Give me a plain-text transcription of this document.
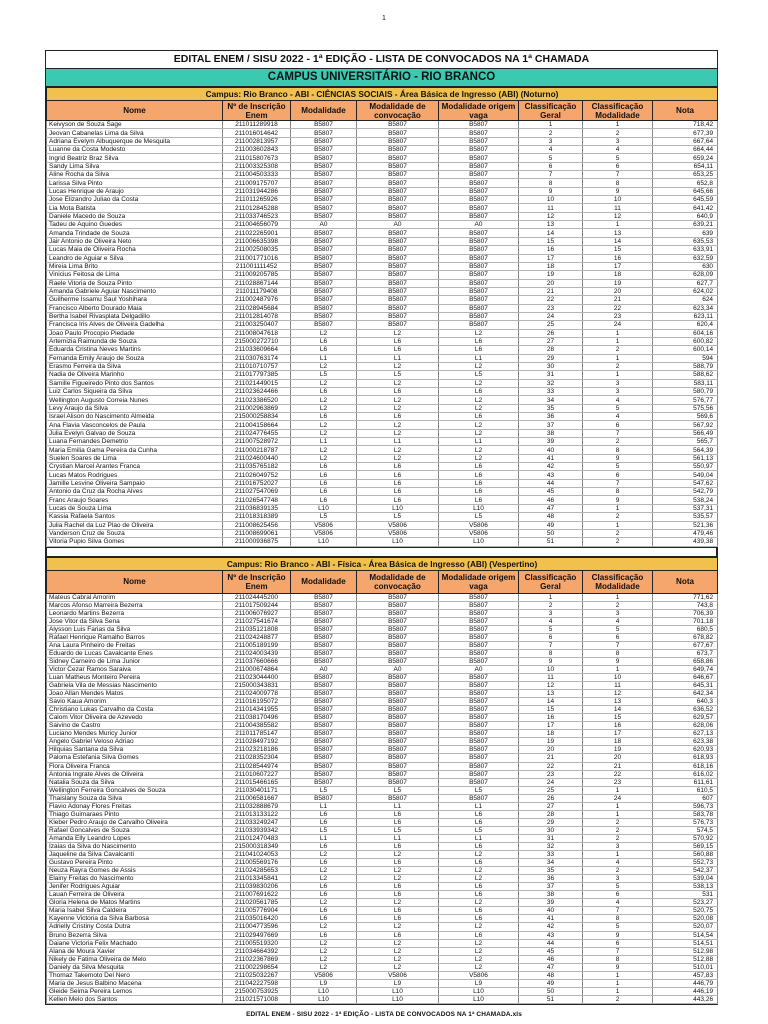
1
EDITAL ENEM / SISU 2022 - 1ª EDIÇÃO - LISTA DE CONVOCADOS NA 1ª CHAMADA
CAMPUS UNIVERSITÁRIO - RIO BRANCO
Campus: Rio Branco - ABI - CIÊNCIAS SOCIAIS - Área Básica de Ingresso (ABI) (Noturno)							
Nome	Nº de Inscrição Enem	Modalidade	Modalidade de convocação	Modalidade origem vaga	Classificação Geral	Classificação Modalidade	Nota
Keivyson de Souza Sage	211011289918	B5807	B5807	B5807	1	1	718,42
Jeovan Cabanelas Lima da Silva	211016014642	B5807	B5807	B5807	2	2	677,39
Adriana Evelym Albuquerque de Mesquita	211002813957	B5807	B5807	B5807	3	3	667,64
Luanne da Costa Modesto	211003602843	B5807	B5807	B5807	4	4	664,44
Ingrid Beatriz Braz Silva	211015807673	B5807	B5807	B5807	5	5	659,24
Sandy Lima Silva	211003325308	B5807	B5807	B5807	6	6	654,11
Aline Rocha da Silva	211004503333	B5807	B5807	B5807	7	7	653,25
Larissa Silva Pinto	211009175707	B5807	B5807	B5807	8	8	652,8
Lucas Henrique de Araujo	211031944286	B5807	B5807	B5807	9	9	645,66
Jose Elizandro Juliao da Costa	211011265926	B5807	B5807	B5807	10	10	645,59
Lia Mota Batista	211012845288	B5807	B5807	B5807	11	11	641,42
Daniele Macedo de Souza	211033746523	B5807	B5807	B5807	12	12	640,9
Tadeu de Aquino Guedes	211004656079	A0	A0	A0	13	1	639,21
Amanda Trindade de Souza	211022265901	B5807	B5807	B5807	14	13	639
Jair Antonio de Oliveira Neto	211006635398	B5807	B5807	B5807	15	14	635,53
Lucas Maia de Oliveira Rocha	211002508035	B5807	B5807	B5807	16	15	633,91
Leandro de Aguiar e Silva	211001771016	B5807	B5807	B5807	17	16	632,59
Mireia Lima Brito	211001111452	B5807	B5807	B5807	18	17	630
Vinicius Feitosa de Lima	211009205785	B5807	B5807	B5807	19	18	628,09
Raele Vitoria de Souza Pinto	211028867144	B5807	B5807	B5807	20	19	627,7
Amanda Gabriele Aguiar Nascimento	211011179408	B5807	B5807	B5807	21	20	624,02
Guilherme Issamu Saul Yoshihara	211002487976	B5807	B5807	B5807	22	21	624
Francisco Alberto Dourado Maia	211028945684	B5807	B5807	B5807	23	22	623,34
Bertha Isabel Rivasplata Delgadillo	211012814078	B5807	B5807	B5807	24	23	623,11
Francisca Iris Alves de Oliveira Gadelha	211003250407	B5807	B5807	B5807	25	24	620,4
Joao Paulo Procopio Piedade	211008047618	L2	L2	L2	26	1	604,16
Artemizia Raimunda de Souza	215000272710	L6	L6	L6	27	1	600,82
Eduarda Cristina Neves Martins	211033609664	L6	L6	L6	28	2	600,14
Fernanda Emily Araujo de Souza	211030763174	L1	L1	L1	29	1	594
Erasmo Ferreira da Silva	211010710757	L2	L2	L2	30	2	588,79
Nadia de Oliveira Marinho	211017797385	L5	L5	L5	31	1	588,62
Samille Figueiredo Pinto dos Santos	211021449015	L2	L2	L2	32	3	583,11
Luiz Carlos Siqueira da Silva	211023624466	L6	L6	L6	33	3	580,79
Wellington Augusto Correia Nunes	211023386520	L2	L2	L2	34	4	576,77
Levy Araujo da Silva	211002963869	L2	L2	L2	35	5	575,56
Israel Alison do Nascimento Almeida	215000258834	L6	L6	L6	36	4	569,6
Ana Flavia Vasconcelos de Paula	211004158664	L2	L2	L2	37	6	567,92
Julia Evelyn Galvao de Souza	211024776455	L2	L2	L2	38	7	566,49
Luana Fernandes Demetrio	211007528972	L1	L1	L1	39	2	565,7
Maria Emilia Gama Pereira da Cunha	211000218787	L2	L2	L2	40	8	564,39
Suelen Soares de Lima	211024600440	L2	L2	L2	41	9	561,13
Crystian Marcel Arantes Franca	211035765182	L6	L6	L6	42	5	550,97
Lucas Matos Rodrigues	211026049752	L6	L6	L6	43	6	549,04
Jamille Lesvine Oliveira Sampaio	211016752027	L6	L6	L6	44	7	547,62
Antonio da Cruz da Rocha Alves	211027547069	L6	L6	L6	45	8	542,79
Franc Araujo Soares	211026547748	L6	L6	L6	46	9	538,24
Lucas de Souza Lima	211036839135	L10	L10	L10	47	1	537,31
Kassia Rafaela Santos	211018318389	L5	L5	L5	48	2	535,57
Julia Rachel da Luz Plao de Oliveira	211008625456	V5806	V5806	V5806	49	1	521,36
Vanderson Cruz de Souza	211008699061	V5806	V5806	V5806	50	2	479,46
Vitoria Pupio Silva Gomes	211000936875	L10	L10	L10	51	2	439,38
Campus: Rio Branco - ABI - Física - Área Básica de Ingresso (ABI) (Vespertino)							
Nome	Nº de Inscrição Enem	Modalidade	Modalidade de convocação	Modalidade origem vaga	Classificação Geral	Classificação Modalidade	Nota
Mateus Cabral Amorim	211024445200	B5807	B5807	B5807	1	1	771,62
Marcos Afonso Marreira Bezerra	211017509244	B5807	B5807	B5807	2	2	743,8
Leonardo Martins Bezerra	211006076927	B5807	B5807	B5807	3	3	706,39
Jose Vitor da Silva Sena	211027541674	B5807	B5807	B5807	4	4	701,18
Alysson Luis Farias da Silva	211035121808	B5807	B5807	B5807	5	5	680,5
Rafael Henrique Ramalho Barros	211024248877	B5807	B5807	B5807	6	6	678,82
Ana Laura Pinheiro de Freitas	211005189199	B5807	B5807	B5807	7	7	677,67
Eduardo de Lucas Cavalcante Enes	211024003439	B5807	B5807	B5807	8	8	673,7
Sidney Carneiro de Lima Junior	211037660666	B5807	B5807	B5807	9	9	658,86
Victor Cezar Ramos Saraiva	211000674864	A0	A0	A0	10	1	649,74
Luan Matheus Monteiro Pereira	211023044400	B5807	B5807	B5807	11	10	646,67
Gabriela Vila de Messias Nascimento	215000343831	B5807	B5807	B5807	12	11	645,31
Joao Allan Mendes Matos	211024009778	B5807	B5807	B5807	13	12	642,34
Savio Kaua Amorim	211016195072	B5807	B5807	B5807	14	13	640,3
Christiano Lukas Carvalho da Costa	211014341955	B5807	B5807	B5807	15	14	636,52
Calom Vitor Oliveira de Azevedo	211038170496	B5807	B5807	B5807	16	15	629,57
Saivino de Castro	211004385582	B5807	B5807	B5807	17	16	628,06
Luciano Mendes Muricy Junior	211011785147	B5807	B5807	B5807	18	17	627,13
Angelo Gabriel Veloso Adriao	211028497192	B5807	B5807	B5807	19	18	623,38
Hilquias Santana da Silva	211023218186	B5807	B5807	B5807	20	19	620,93
Paloma Estefania Silva Gomes	211028352304	B5807	B5807	B5807	21	20	618,93
Flora Oliveira Franca	211028544974	B5807	B5807	B5807	22	21	618,16
Antonia Ingrate Alves de Oliveira	211010607227	B5807	B5807	B5807	23	22	616,02
Natalia Souza da Silva	211015466165	B5807	B5807	B5807	24	23	611,61
Wellington Ferreira Goncalves de Souza	211030401171	L5	L5	L5	25	1	610,5
Thaislany Souza da Silva	211006581667	B5807	B5807	B5807	26	24	607
Flavio Adonay Flores Freitas	211032888679	L1	L1	L1	27	1	596,73
Thiago Guimaraes Pinto	211013133122	L6	L6	L6	28	1	583,78
Kleber Pedro Araujo de Carvalho Oliveira	211033249247	L6	L6	L6	29	2	576,73
Rafael Goncalves de Souza	211033939342	L5	L5	L5	30	2	574,5
Amanda Elly Leandro Lopes	211012470483	L1	L1	L1	31	2	570,92
Izaias da Silva do Nascimento	215000318349	L6	L6	L6	32	3	569,15
Jaqueline da Silva Cavalcanti	211041024053	L2	L2	L2	33	1	560,88
Gustavo Pereira Pinto	211005569176	L6	L6	L6	34	4	552,73
Neuza Rayra Gomes de Assis	211024285653	L2	L2	L2	35	2	542,37
Elainy Freitas do Nascimento	211013345841	L2	L2	L2	36	3	539,04
Jenifer Rodrigues Aguiar	211039830206	L6	L6	L6	37	5	538,13
Lauan Ferreira de Oliveira	211007691622	L6	L6	L6	38	6	531
Gloria Helena de Matos Martins	211020561785	L2	L2	L2	39	4	523,27
Maria Isabel Silva Caldeira	211005776904	L6	L6	L6	40	7	520,75
Kayenne Victoria da Silva Barbosa	211035016420	L6	L6	L6	41	8	520,08
Adrielly Cristiny Costa Dutra	211004773596	L2	L2	L2	42	5	520,07
Bruno Bezerra Silva	211029497669	L6	L6	L6	43	9	514,54
Daiane Victoria Felix Machado	211005519320	L2	L2	L2	44	6	514,51
Alana de Moura Xavier	211034664392	L2	L2	L2	45	7	512,98
Nikely de Fatima Oliveira de Melo	211022367869	L2	L2	L2	46	8	512,88
Daniely da Silva Mesquita	211002298654	L2	L2	L2	47	9	510,01
Thomaz Takemoto Del Nero	211025032267	V5806	V5806	V5806	48	1	457,83
Maria de Jesus Balbino Macena	211042227598	L9	L9	L9	49	1	446,79
Gleide Seima Pereira Lemos	215000753925	L10	L10	L10	50	1	446,19
Kellen Melo dos Santos	211021571008	L10	L10	L10	51	2	443,26
EDITAL ENEM - SISU 2022 - 1ª EDIÇÃO - LISTA DE CONVOCADOS NA 1ª CHAMADA.xls
